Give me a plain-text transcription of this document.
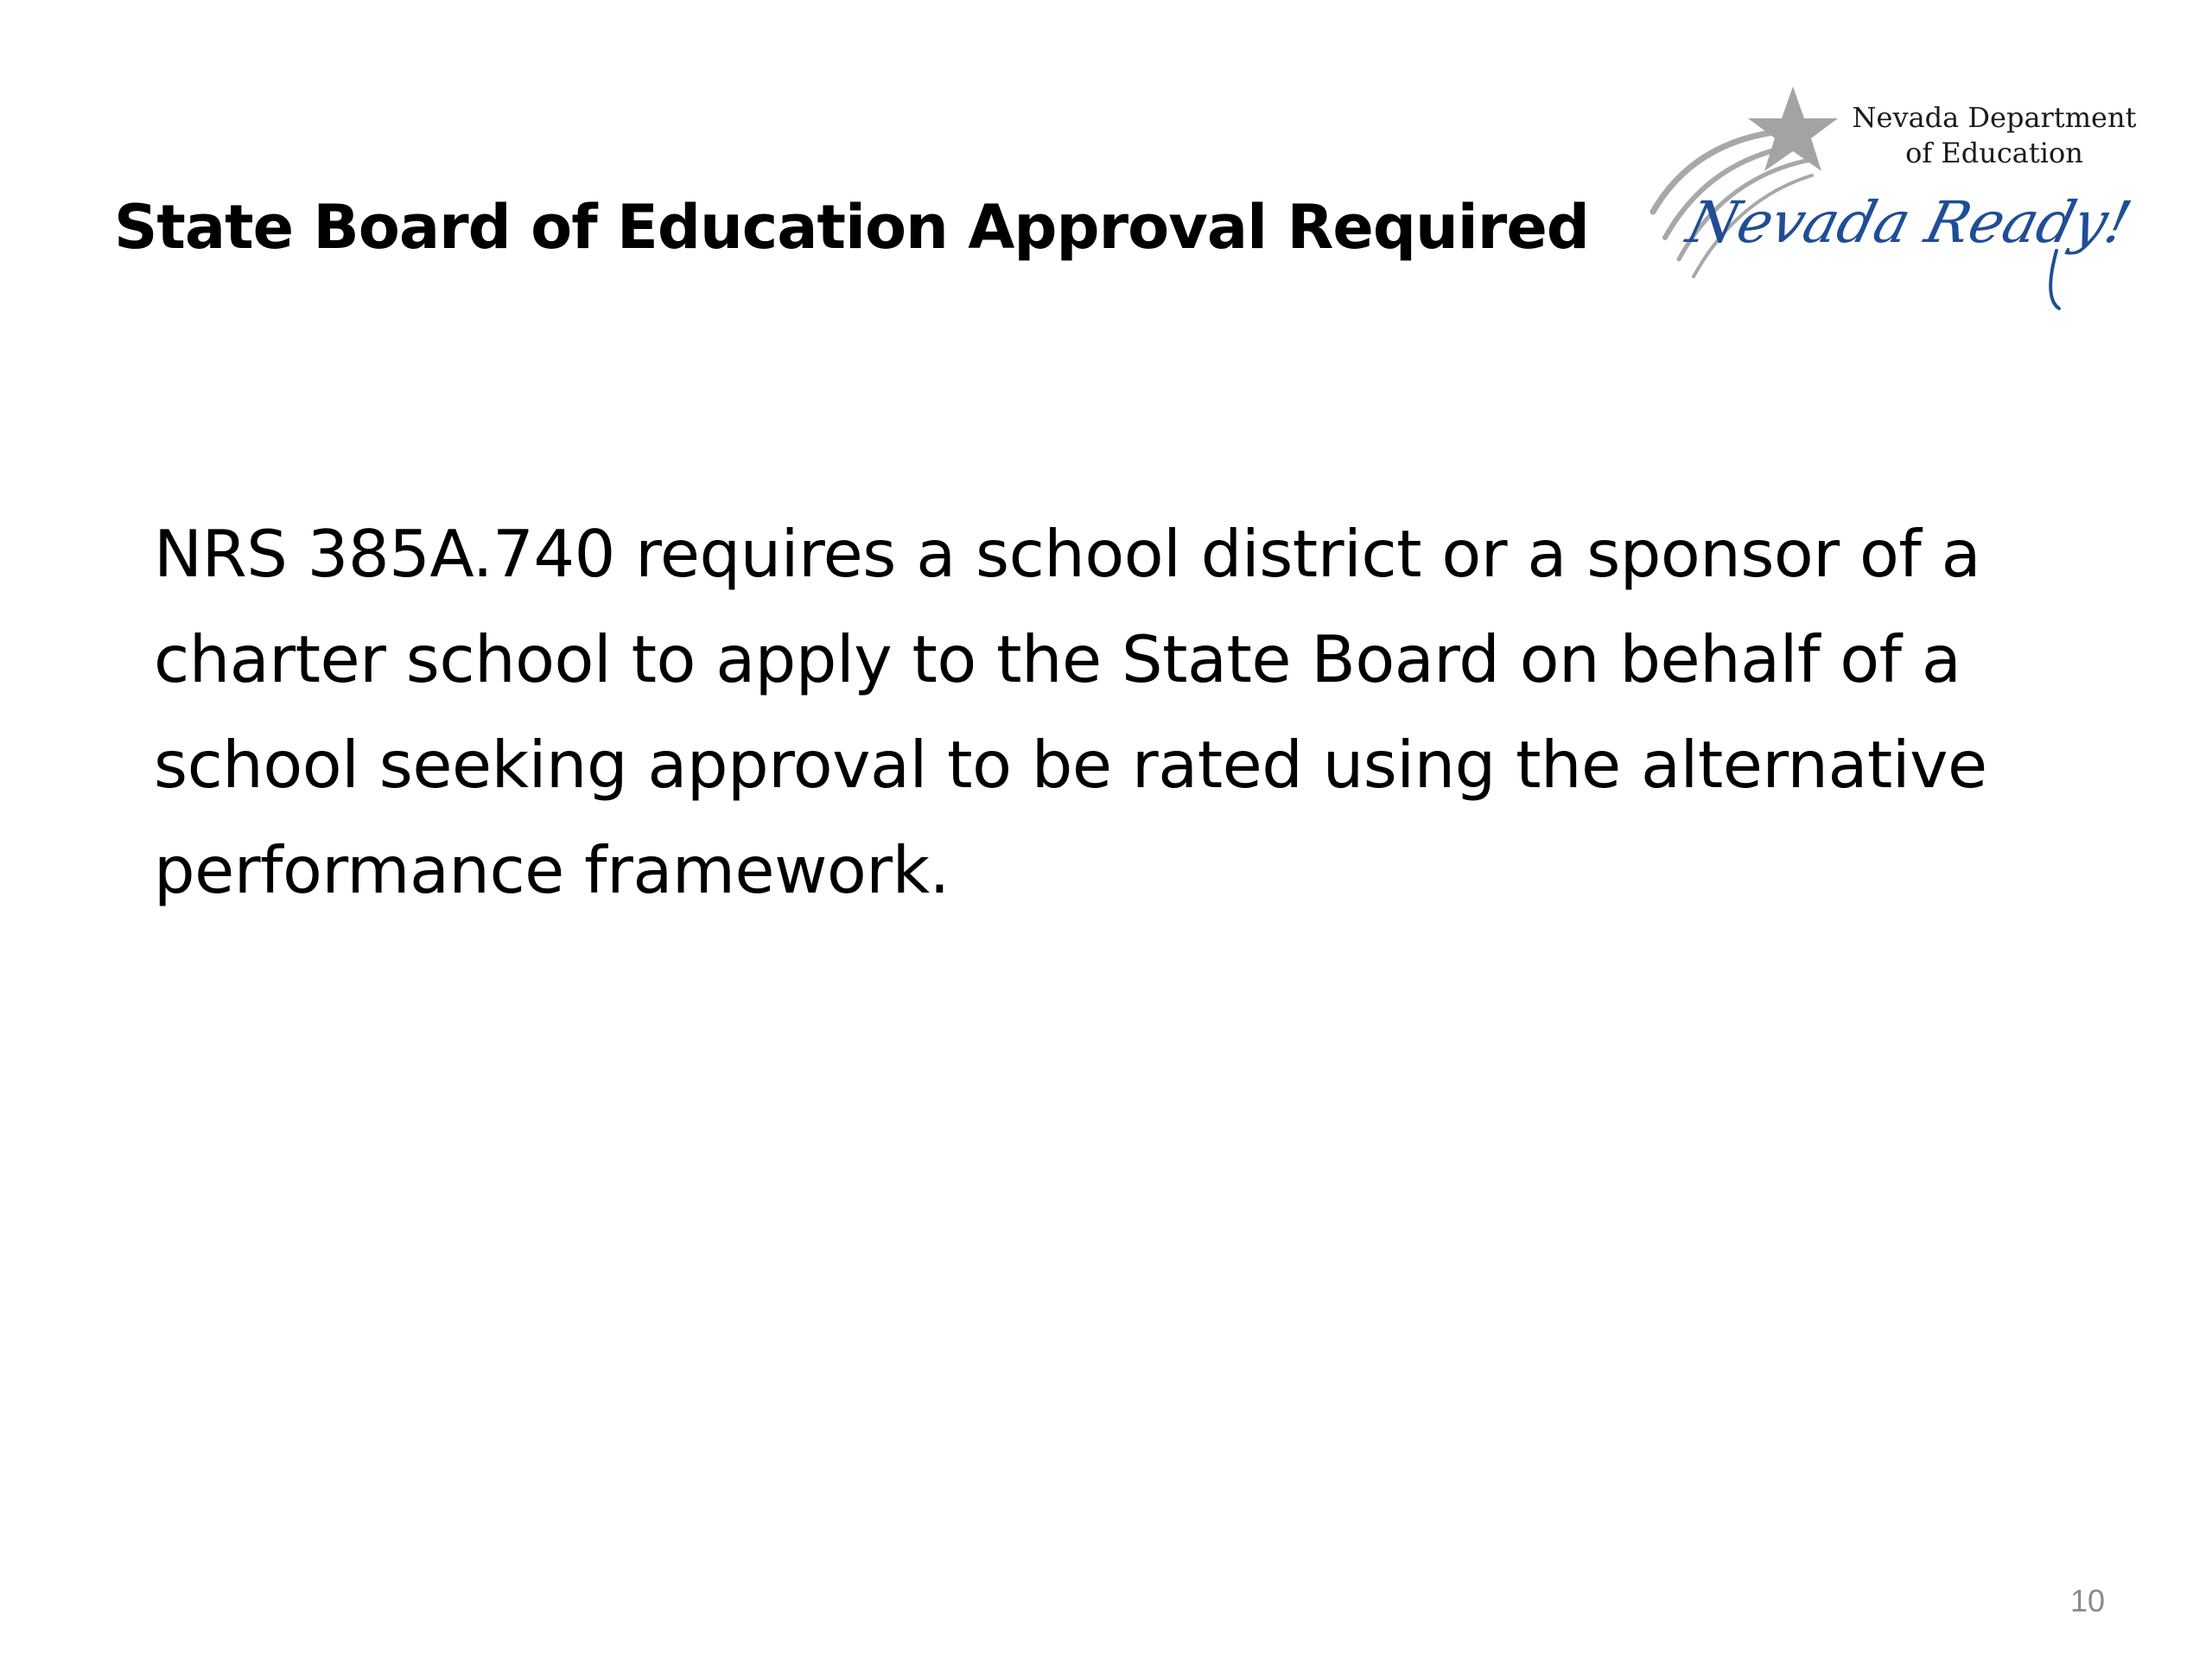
State Board of Education Approval Required
Nevada Department
of Education
Nevada Ready!

NRS 385A.740 requires a school district or a sponsor of a charter school to apply to the State Board on behalf of a school seeking approval to be rated using the alternative performance framework.

10
